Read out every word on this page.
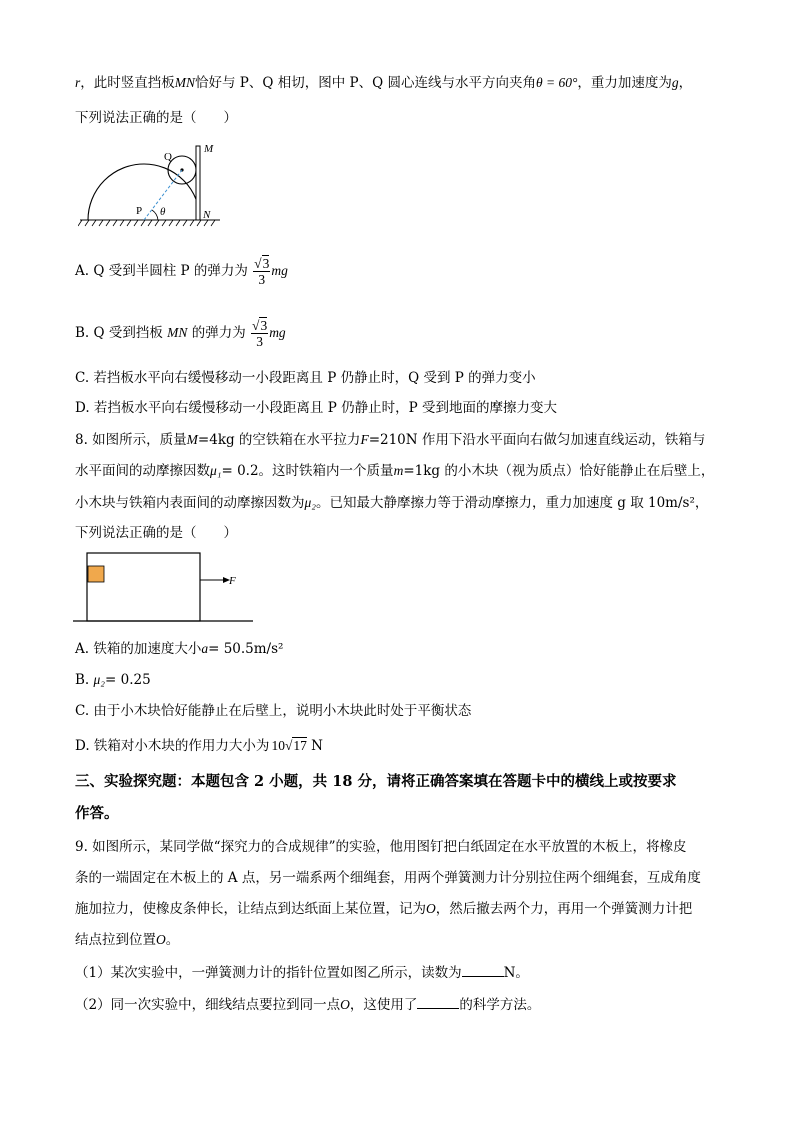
r，此时竖直挡板MN恰好与 P、Q 相切，图中 P、Q 圆心连线与水平方向夹角θ = 60°，重力加速度为g，
下列说法正确的是（　　）
Q
P θ
M
N
A. Q 受到半圆柱 P 的弹力为 $\frac{√3}{3}$ mg
B. Q 受到挡板 MN 的弹力为 $\frac{√3}{3}$ mg
C. 若挡板水平向右缓慢移动一小段距离且 P 仍静止时，Q 受到 P 的弹力变小
D. 若挡板水平向右缓慢移动一小段距离且 P 仍静止时，P 受到地面的摩擦力变大
8. 如图所示，质量M=4kg 的空铁箱在水平拉力F=210N 作用下沿水平面向右做匀加速直线运动，铁箱与
水平面间的动摩擦因数μ₁= 0.2。这时铁箱内一个质量m=1kg 的小木块（视为质点）恰好能静止在后壁上，
小木块与铁箱内表面间的动摩擦因数为μ₂。已知最大静摩擦力等于滑动摩擦力，重力加速度 g 取 10m/s²，
下列说法正确的是（　　）
F
A. 铁箱的加速度大小a= 50.5m/s²
B. μ₂= 0.25
C. 由于小木块恰好能静止在后壁上，说明小木块此时处于平衡状态
D. 铁箱对小木块的作用力大小为 10√17 N
三、实验探究题：本题包含 2 小题，共 18 分，请将正确答案填在答题卡中的横线上或按要求
作答。
9. 如图所示，某同学做“探究力的合成规律”的实验，他用图钉把白纸固定在水平放置的木板上，将橡皮
条的一端固定在木板上的 A 点，另一端系两个细绳套，用两个弹簧测力计分别拉住两个细绳套，互成角度
施加拉力，使橡皮条伸长，让结点到达纸面上某位置，记为O，然后撤去两个力，再用一个弹簧测力计把
结点拉到位置O。
（1）某次实验中，一弹簧测力计的指针位置如图乙所示，读数为	N。
（2）同一次实验中，细线结点要拉到同一点O，这使用了	的科学方法。
